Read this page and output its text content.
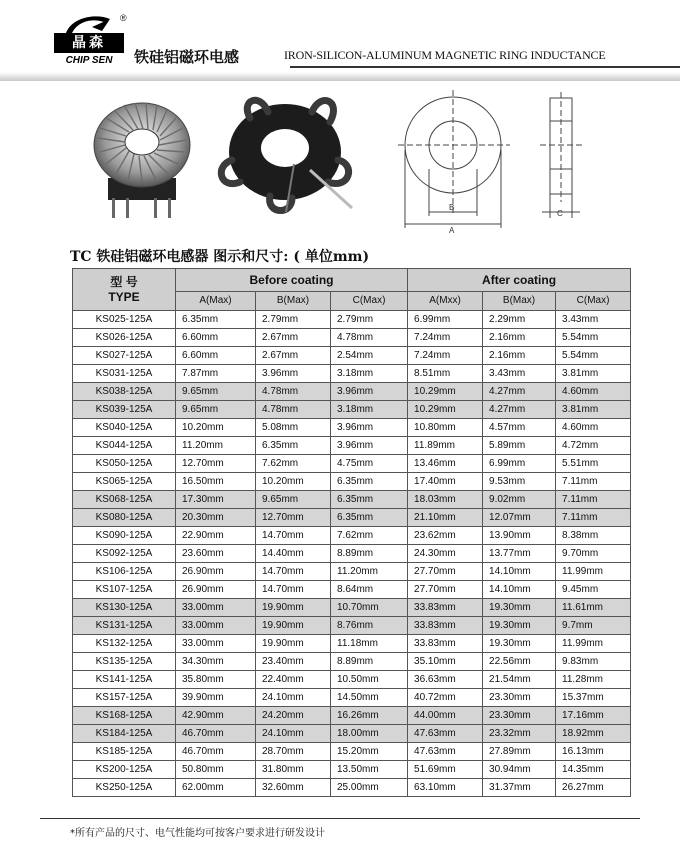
®
晶森
CHIP SEN	铁硅铝磁环电感	IRON-SILICON-ALUMINUM MAGNETIC RING INDUCTANCE
B
A
C
TC 铁硅铝磁环电感器 图示和尺寸: ( 单位mm)
型 号
TYPE	Before coating			After coating		
	A(Max)	B(Max)	C(Max)	A(Mxx)	B(Max)	C(Max)
KS025-125A	6.35mm	2.79mm	2.79mm	6.99mm	2.29mm	3.43mm
KS026-125A	6.60mm	2.67mm	4.78mm	7.24mm	2.16mm	5.54mm
KS027-125A	6.60mm	2.67mm	2.54mm	7.24mm	2.16mm	5.54mm
KS031-125A	7.87mm	3.96mm	3.18mm	8.51mm	3.43mm	3.81mm
KS038-125A	9.65mm	4.78mm	3.96mm	10.29mm	4.27mm	4.60mm
KS039-125A	9.65mm	4.78mm	3.18mm	10.29mm	4.27mm	3.81mm
KS040-125A	10.20mm	5.08mm	3.96mm	10.80mm	4.57mm	4.60mm
KS044-125A	11.20mm	6.35mm	3.96mm	11.89mm	5.89mm	4.72mm
KS050-125A	12.70mm	7.62mm	4.75mm	13.46mm	6.99mm	5.51mm
KS065-125A	16.50mm	10.20mm	6.35mm	17.40mm	9.53mm	7.11mm
KS068-125A	17.30mm	9.65mm	6.35mm	18.03mm	9.02mm	7.11mm
KS080-125A	20.30mm	12.70mm	6.35mm	21.10mm	12.07mm	7.11mm
KS090-125A	22.90mm	14.70mm	7.62mm	23.62mm	13.90mm	8.38mm
KS092-125A	23.60mm	14.40mm	8.89mm	24.30mm	13.77mm	9.70mm
KS106-125A	26.90mm	14.70mm	11.20mm	27.70mm	14.10mm	11.99mm
KS107-125A	26.90mm	14.70mm	8.64mm	27.70mm	14.10mm	9.45mm
KS130-125A	33.00mm	19.90mm	10.70mm	33.83mm	19.30mm	11.61mm
KS131-125A	33.00mm	19.90mm	8.76mm	33.83mm	19.30mm	9.7mm
KS132-125A	33.00mm	19.90mm	11.18mm	33.83mm	19.30mm	11.99mm
KS135-125A	34.30mm	23.40mm	8.89mm	35.10mm	22.56mm	9.83mm
KS141-125A	35.80mm	22.40mm	10.50mm	36.63mm	21.54mm	11.28mm
KS157-125A	39.90mm	24.10mm	14.50mm	40.72mm	23.30mm	15.37mm
KS168-125A	42.90mm	24.20mm	16.26mm	44.00mm	23.30mm	17.16mm
KS184-125A	46.70mm	24.10mm	18.00mm	47.63mm	23.32mm	18.92mm
KS185-125A	46.70mm	28.70mm	15.20mm	47.63mm	27.89mm	16.13mm
KS200-125A	50.80mm	31.80mm	13.50mm	51.69mm	30.94mm	14.35mm
KS250-125A	62.00mm	32.60mm	25.00mm	63.10mm	31.37mm	26.27mm
*所有产品的尺寸、电气性能均可按客户要求进行研发设计
